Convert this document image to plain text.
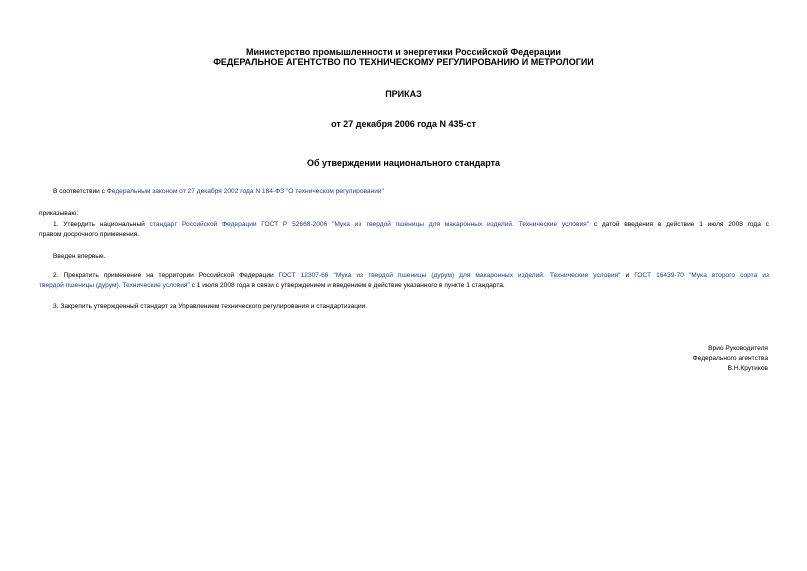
Министерство промышленности и энергетики Российской Федерации
ФЕДЕРАЛЬНОЕ АГЕНТСТВО ПО ТЕХНИЧЕСКОМУ РЕГУЛИРОВАНИЮ И МЕТРОЛОГИИ
ПРИКАЗ
от 27 декабря 2006 года N 435-ст
Об утверждении национального стандарта
В соответствии с Федеральным законом от 27 декабря 2002 года N 184-ФЗ "О техническом регулировании"
приказываю:
1. Утвердить национальный стандарт Российской Федерации ГОСТ Р 52668-2006 "Мука из твердой пшеницы для макаронных изделий. Технические условия" с датой введения в действие 1 июля 2008 года с
правом досрочного применения.
Введен впервые.
2. Прекратить применение на территории Российской Федерации ГОСТ 12307-66 "Мука из твердой пшеницы (дурум) для макаронных изделий. Технические условия" и ГОСТ 16439-70 "Мука второго сорта из
твердой пшеницы (дурум). Технические условия" с 1 июля 2008 года в связи с утверждением и введением в действие указанного в пункте 1 стандарта.
3. Закрепить утвержденный стандарт за Управлением технического регулирования и стандартизации.
Врио Руководителя
Федерального агентства
В.Н.Крутиков
